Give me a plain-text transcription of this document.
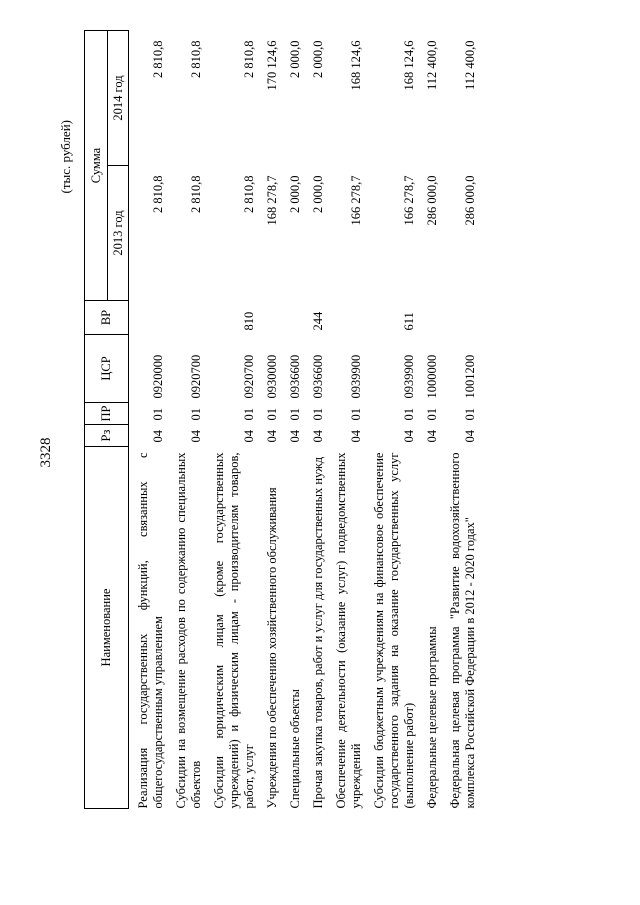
3328
(тыс. рублей)
Наименование	Рз	ПР	ЦСР	ВР	Сумма	
					2013 год	2014 год
Реализация государственных функций, связанных с общегосударственным управлением	04	01	0920000		2 810,8	2 810,8
Субсидии на возмещение расходов по содержанию специальных объектов	04	01	0920700		2 810,8	2 810,8
Субсидии юридическим лицам (кроме государственных учреждений) и физическим лицам - производителям товаров, работ, услуг	04	01	0920700	810	2 810,8	2 810,8
Учреждения по обеспечению хозяйственного обслуживания	04	01	0930000		168 278,7	170 124,6
Специальные объекты	04	01	0936600		2 000,0	2 000,0
Прочая закупка товаров, работ и услуг для государственных нужд	04	01	0936600	244	2 000,0	2 000,0
Обеспечение деятельности (оказание услуг) подведомственных учреждений	04	01	0939900		166 278,7	168 124,6
Субсидии бюджетным учреждениям на финансовое обеспечение государственного задания на оказание государственных услуг (выполнение работ)	04	01	0939900	611	166 278,7	168 124,6
Федеральные целевые программы	04	01	1000000		286 000,0	112 400,0
Федеральная целевая программа "Развитие водохозяйственного комплекса Российской Федерации в 2012 - 2020 годах"	04	01	1001200		286 000,0	112 400,0
